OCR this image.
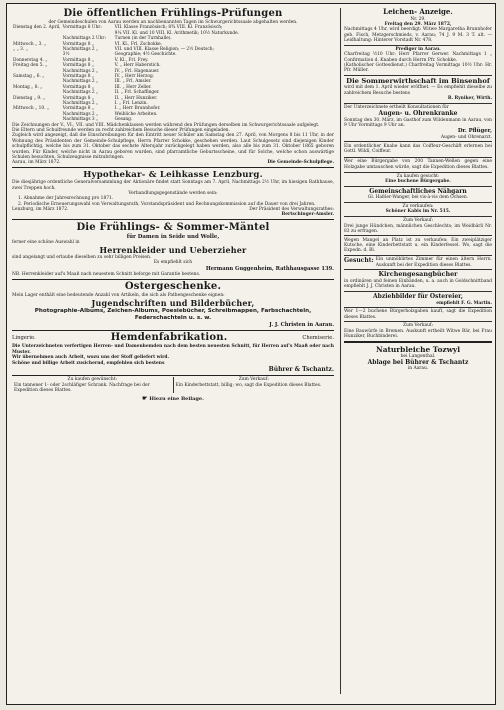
Die öffentlichen Frühlings-Prüfungen
der Gemeindeschulen von Aarau werden an nachbenannten Tagen im Schwurgerichtssaale abgehalten werden.
Dienstag den 2. April,	Vormittags 8 Uhr:	VII. Klasse Französisch; 8¾ VIII. Kl. Französisch;
		9¼ VII. Kl. und 10 VIII. Kl. Arithmetik; 10½ Naturkunde.
	Nachmittags 2 Uhr:	Turnen (in der Turnhalle).
Mittwoch „ 3. „	Vormittags 8 „	VI. Kl., Frl. Zschokke.
„ „ 3. „	Nachmittags 2 „	VII. und VIII. Klasse Religion; — 2½ Deutsch;
	3½	Geographie; 4½ Geschichte.
Donnerstag 4. „	Vormittags 8 „	V. Kl., Frl. Frey.
Freitag den 5. „	Vormittags 8 „	V. „ Herr Haberstich.
	Nachmittags 2 „	IV. „ Frl. Hagenauer.
Samstag „ 6. „	Vormittags 8 „	IV. „ Herr Herzog.
	Nachmittags 2 „	III. „ Frl. Amsler.
Montag „ 8. „	Vormittags 8 „	III. „ Herr Zeller.
	Nachmittags 2 „	II. „ Frl. Schaffinger.
Dienstag „ 9. „	Vormittags 8 „	II. „ Herr Hunziker.
	Nachmittags 2 „	I. „ Frl. Lenzin.
Mittwoch „ 10. „	Vormittags 8 „	I. „ Herr Brunnhofer.
	Nachmittags 2 „	Weibliche Arbeiten.
	Nachmittags 3 „	Gesang.
Die Zeichnungen der V., VI., VII. und VIII. Mädchenklassen werden während den Prüfungen derselben im Schwurgerichtssaale aufgelegt.
Die Eltern und Schulfreunde werden zu recht zahlreichem Besuche dieser Prüfungen eingeladen.
Zugleich wird angezeigt, daß die Einschreibungen für den Eintritt neuer Schüler am Samstag den 27. April, von Morgens 8 bis 11 Uhr, in der Wohnung des Präsidenten der Gemeinde-Schulpflege, Herrn Pfarrer Schokke, geschehen werden. Laut Schulgesetz sind diejenigen Kinder schulpflichtig, welche bis zum 31. Oktober das sechste Altersjahr zurückgelegt haben werden, also alle bis zum 31. Oktober 1865 geboren wurden. Für Kinder, welche nicht in Aarau geboren wurden, sind pfarramtliche Geburtsscheine, und für Solche, welche schon auswärtige Schulen besuchten, Schulzeugnisse mitzubringen.
Aarau, im März 1872.	Die Gemeinde-Schulpflege.
Hypothekar- & Leihkasse Lenzburg.
Die diesjährige ordentliche Generalversammlung der Aktionäre findet statt Sonntags am 7. April, Nachmittags 2½ Uhr, im hiesigen Rathhause, zwei Treppen hoch.
Verhandlungsgegenstände werden sein:
1. Abnahme der Jahresrechnung pro 1871.
2. Periodische Erneuerungswahl von Verwaltungsrath, Vorstandspräsident und Rechnungskommission auf die Dauer von drei Jahren.
Lenzburg, im März 1872.	Der Präsident des Verwaltungsrathes:
Bertschinger-Amsler.
Die Frühlings- & Sommer-Mäntel
für Damen in Seide und Wolle,
ferner eine schöne Auswahl in
Herrenkleider und Ueberzieher
sind angelangt und erlaube dieselben zu sehr billigen Preisen.
Es empfiehlt sich
Hermann Guggenheim, Rathhausgasse 139.
NB. Herrenkleider auf's Maaß nach neuestem Schnitt beforge mit Garantie bestens.
Ostergeschenke.
Mein Lager enthält eine bedeutende Anzahl von Artikeln, die sich als Pathengeschenke eignen:
Jugendschriften und Bilderbücher,
Photographie-Albums, Zeichen-Albums, Poesiebücher, Schreibmappen, Farbschachteln, Federschachteln u. s. w.
J. J. Christen in Aarau.
Lingerie.	Hemdenfabrikation.	Chemiserie.
Die Unterzeichneten verfertigen Herren- und Damenhemden nach dem besten neuesten Schnitt, für Herren auf's Maaß oder nach Muster.
Wir übernehmen auch Arbeit, wozu uns der Stoff geliefert wird.
Schöne und billige Arbeit zusichernd, empfehlen sich bestens
Bührer & Tschantz.
Zu kaufen gewünscht:
Ein tannener 1- oder 2schläfiger Schrank. Nachfrage bei der Expedition dieses Blattes.
Zum Verkauf:
Ein Kinderbettstatt, billig; wo, sagt die Expedition dieses Blattes.
☛ Hiezu eine Beilage.
Leichen- Anzeige.
Nr. 29.
Freitag den 29. März 1872,
Nachmittags 4 Uhr, wird beerdigt: Witwe Margaretha Brunnhofer geb. Fisch, Metzgerschmieds, v. Aarau; 74 J. 9 M. 3 T. alt. — Leidhaltung: Hinterer Vorstadt Nr. 478.
Prediger in Aarau.
Charfreitag ½10 Uhr: Herr Pfarrer Gerwer. Nachmittags 1 „ Confirmation d. Knaben durch Herrn Pfr. Schokke.
(Katholischer Gottesdienst.) Charfreitag Vormittags 10½ Uhr: Hr. Pfr. Müller.
Die Sommerwirthschaft im Binsenhof
wird mit dem 1. April wieder eröffnet. — Es empfiehlt dieselbe zu zahlreichem Besuche bestens
R. Ryniker, Wirth.
Der Unterzeichnete ertheilt Konsultationen für
Augen- u. Ohrenkranke
Sonntag den 30. März, im Gasthof zum Wildenmann in Aarau, von 9 Uhr Vormittags 9 Uhr an.
Dr. Pflüger,
Augen- und Ohrenarzt.
Ein ordentlicher Knabe kann das Coiffeur-Geschäft erlernen bei Gottl. Wildi, Coiffeur.
Wer eine Bürgergabe von 200 Tannen-Wellen gegen eine Holzgabe umtauschen würde, sagt die Expedition dieses Blattes.
Zu kaufen gesucht:
Eine buchene Bürgergabe.
Gemeinschaftliches Nähgarn
Gl. Haßler-Wanger, bei vis-à-vis dem Ochsen.
Zu verkaufen:
Schöner Kabis im Nr. 515.
Zum Verkauf:
Drei junge Hündchen, männlichen Geschlechts; im Weidbärli Nr. 83 zu erfragen.
Wegen Mangel an Platz ist zu verkaufen: Ein zweiplätziger Kutsche, eine Kinderbettstatt u. ein Kinderfessel. Wo, sagt die Expedn. d. Bl.
Gesucht: Ein unmöblirtes Zimmer für einen ältern Herrn. Auskunft bei der Expedition dieses Blattes.
Kirchengesangbücher
in ordinären und feinen Einbänden, u. a. auch in Goldschnittband empfiehlt J. J. Christen in Aarau.
Abziehbilder für Ostereier,
empfiehlt F. G. Martin.
Wer 1—2 buchene Bürgerholzgaben kauft, sagt die Expedition dieses Blattes.
Zum Verkauf:
Eine Bauwürfe in Bremen. Auskunft ertheilt Witwe Bär, bei Frau Hunziker, Buchbinderei.
Naturbleiche Tozwyl
bei Langenthal.
Ablage bei Bührer & Tschantz
in Aarau.
